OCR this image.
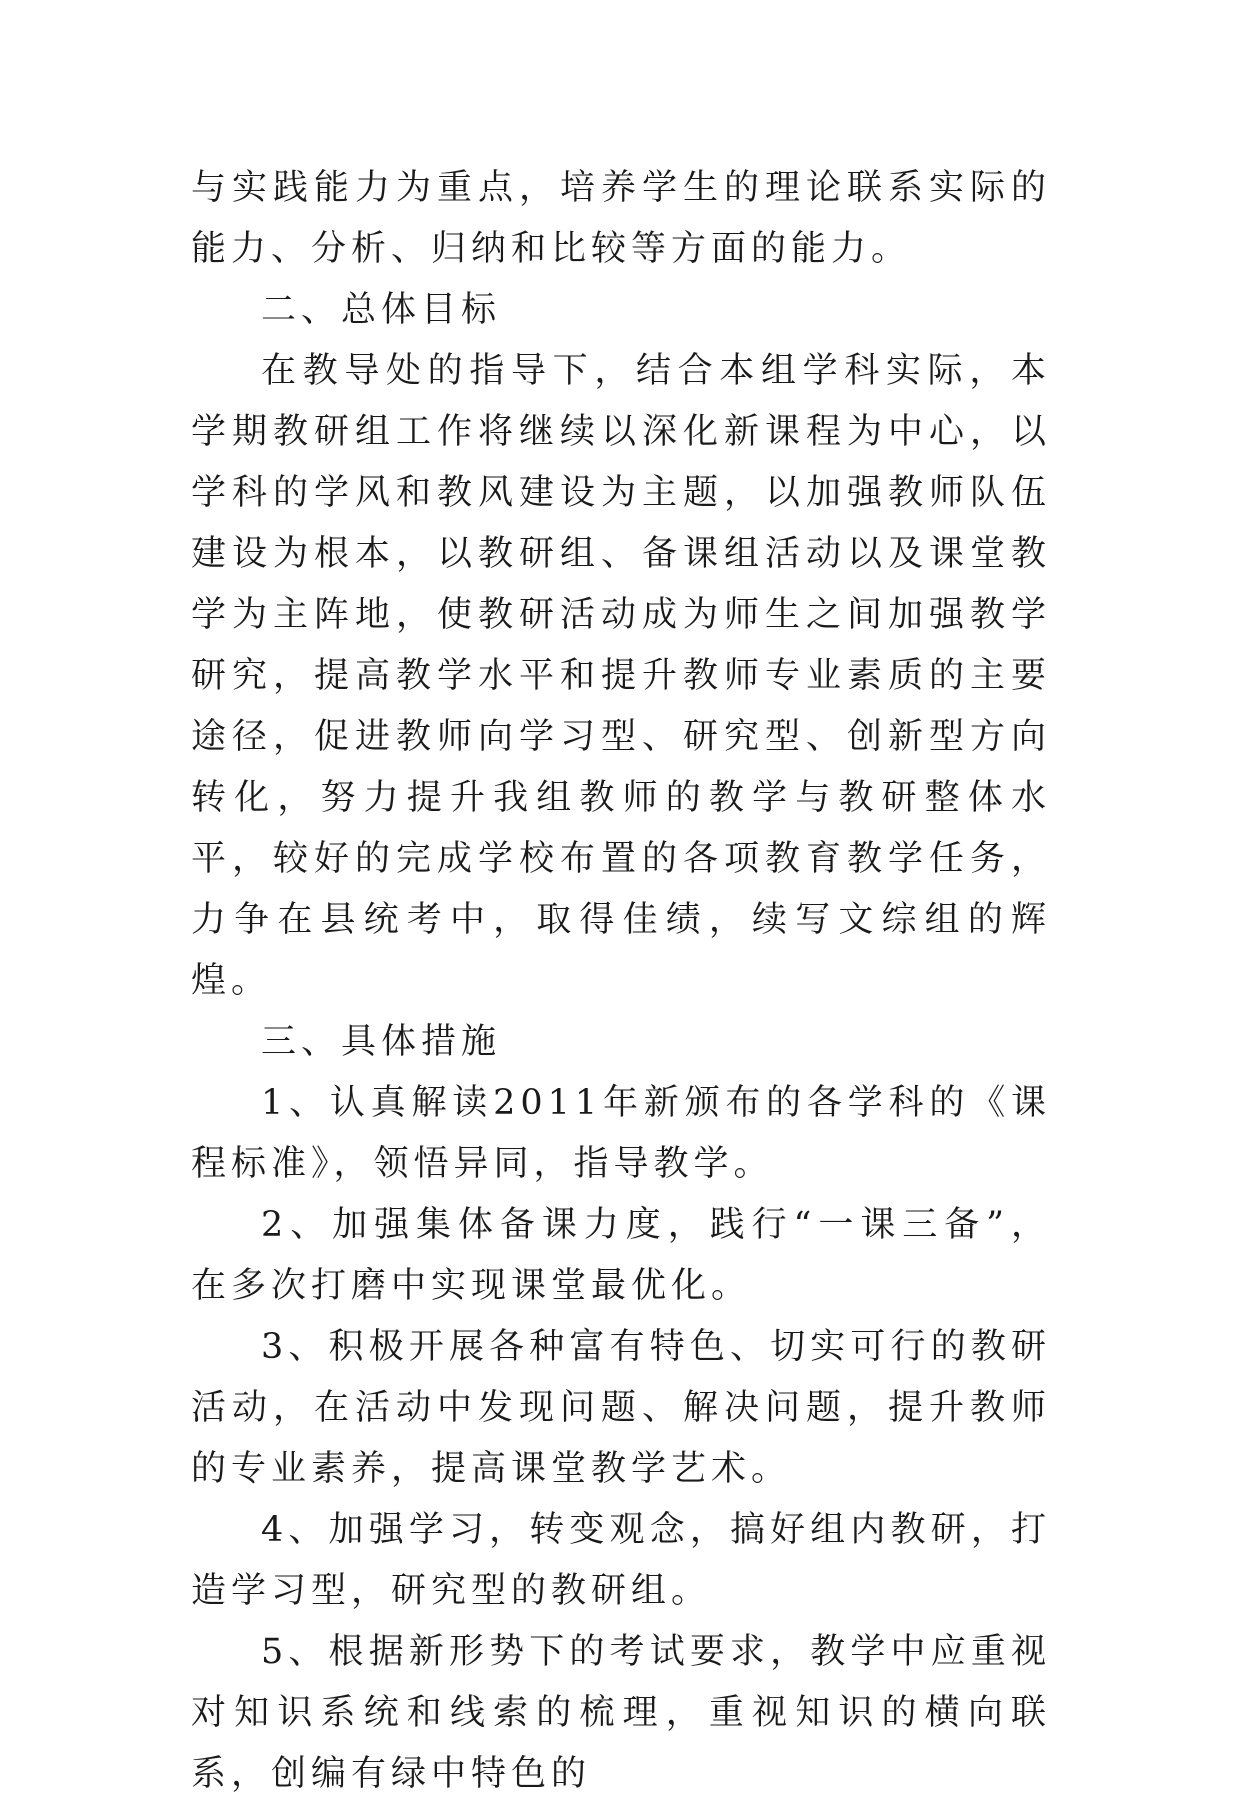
与实践能力为重点，培养学生的理论联系实际的能力、分析、归纳和比较等方面的能力。

二、总体目标

在教导处的指导下，结合本组学科实际，本学期教研组工作将继续以深化新课程为中心，以学科的学风和教风建设为主题，以加强教师队伍建设为根本，以教研组、备课组活动以及课堂教学为主阵地，使教研活动成为师生之间加强教学研究，提高教学水平和提升教师专业素质的主要途径，促进教师向学习型、研究型、创新型方向转化，努力提升我组教师的教学与教研整体水平，较好的完成学校布置的各项教育教学任务，力争在县统考中，取得佳绩，续写文综组的辉煌。

三、具体措施

1、认真解读2011年新颁布的各学科的《课程标准》，领悟异同，指导教学。

2、加强集体备课力度，践行“一课三备”，在多次打磨中实现课堂最优化。

3、积极开展各种富有特色、切实可行的教研活动，在活动中发现问题、解决问题，提升教师的专业素养，提高课堂教学艺术。

4、加强学习，转变观念，搞好组内教研，打造学习型，研究型的教研组。

5、根据新形势下的考试要求，教学中应重视对知识系统和线索的梳理，重视知识的横向联系，创编有绿中特色的
